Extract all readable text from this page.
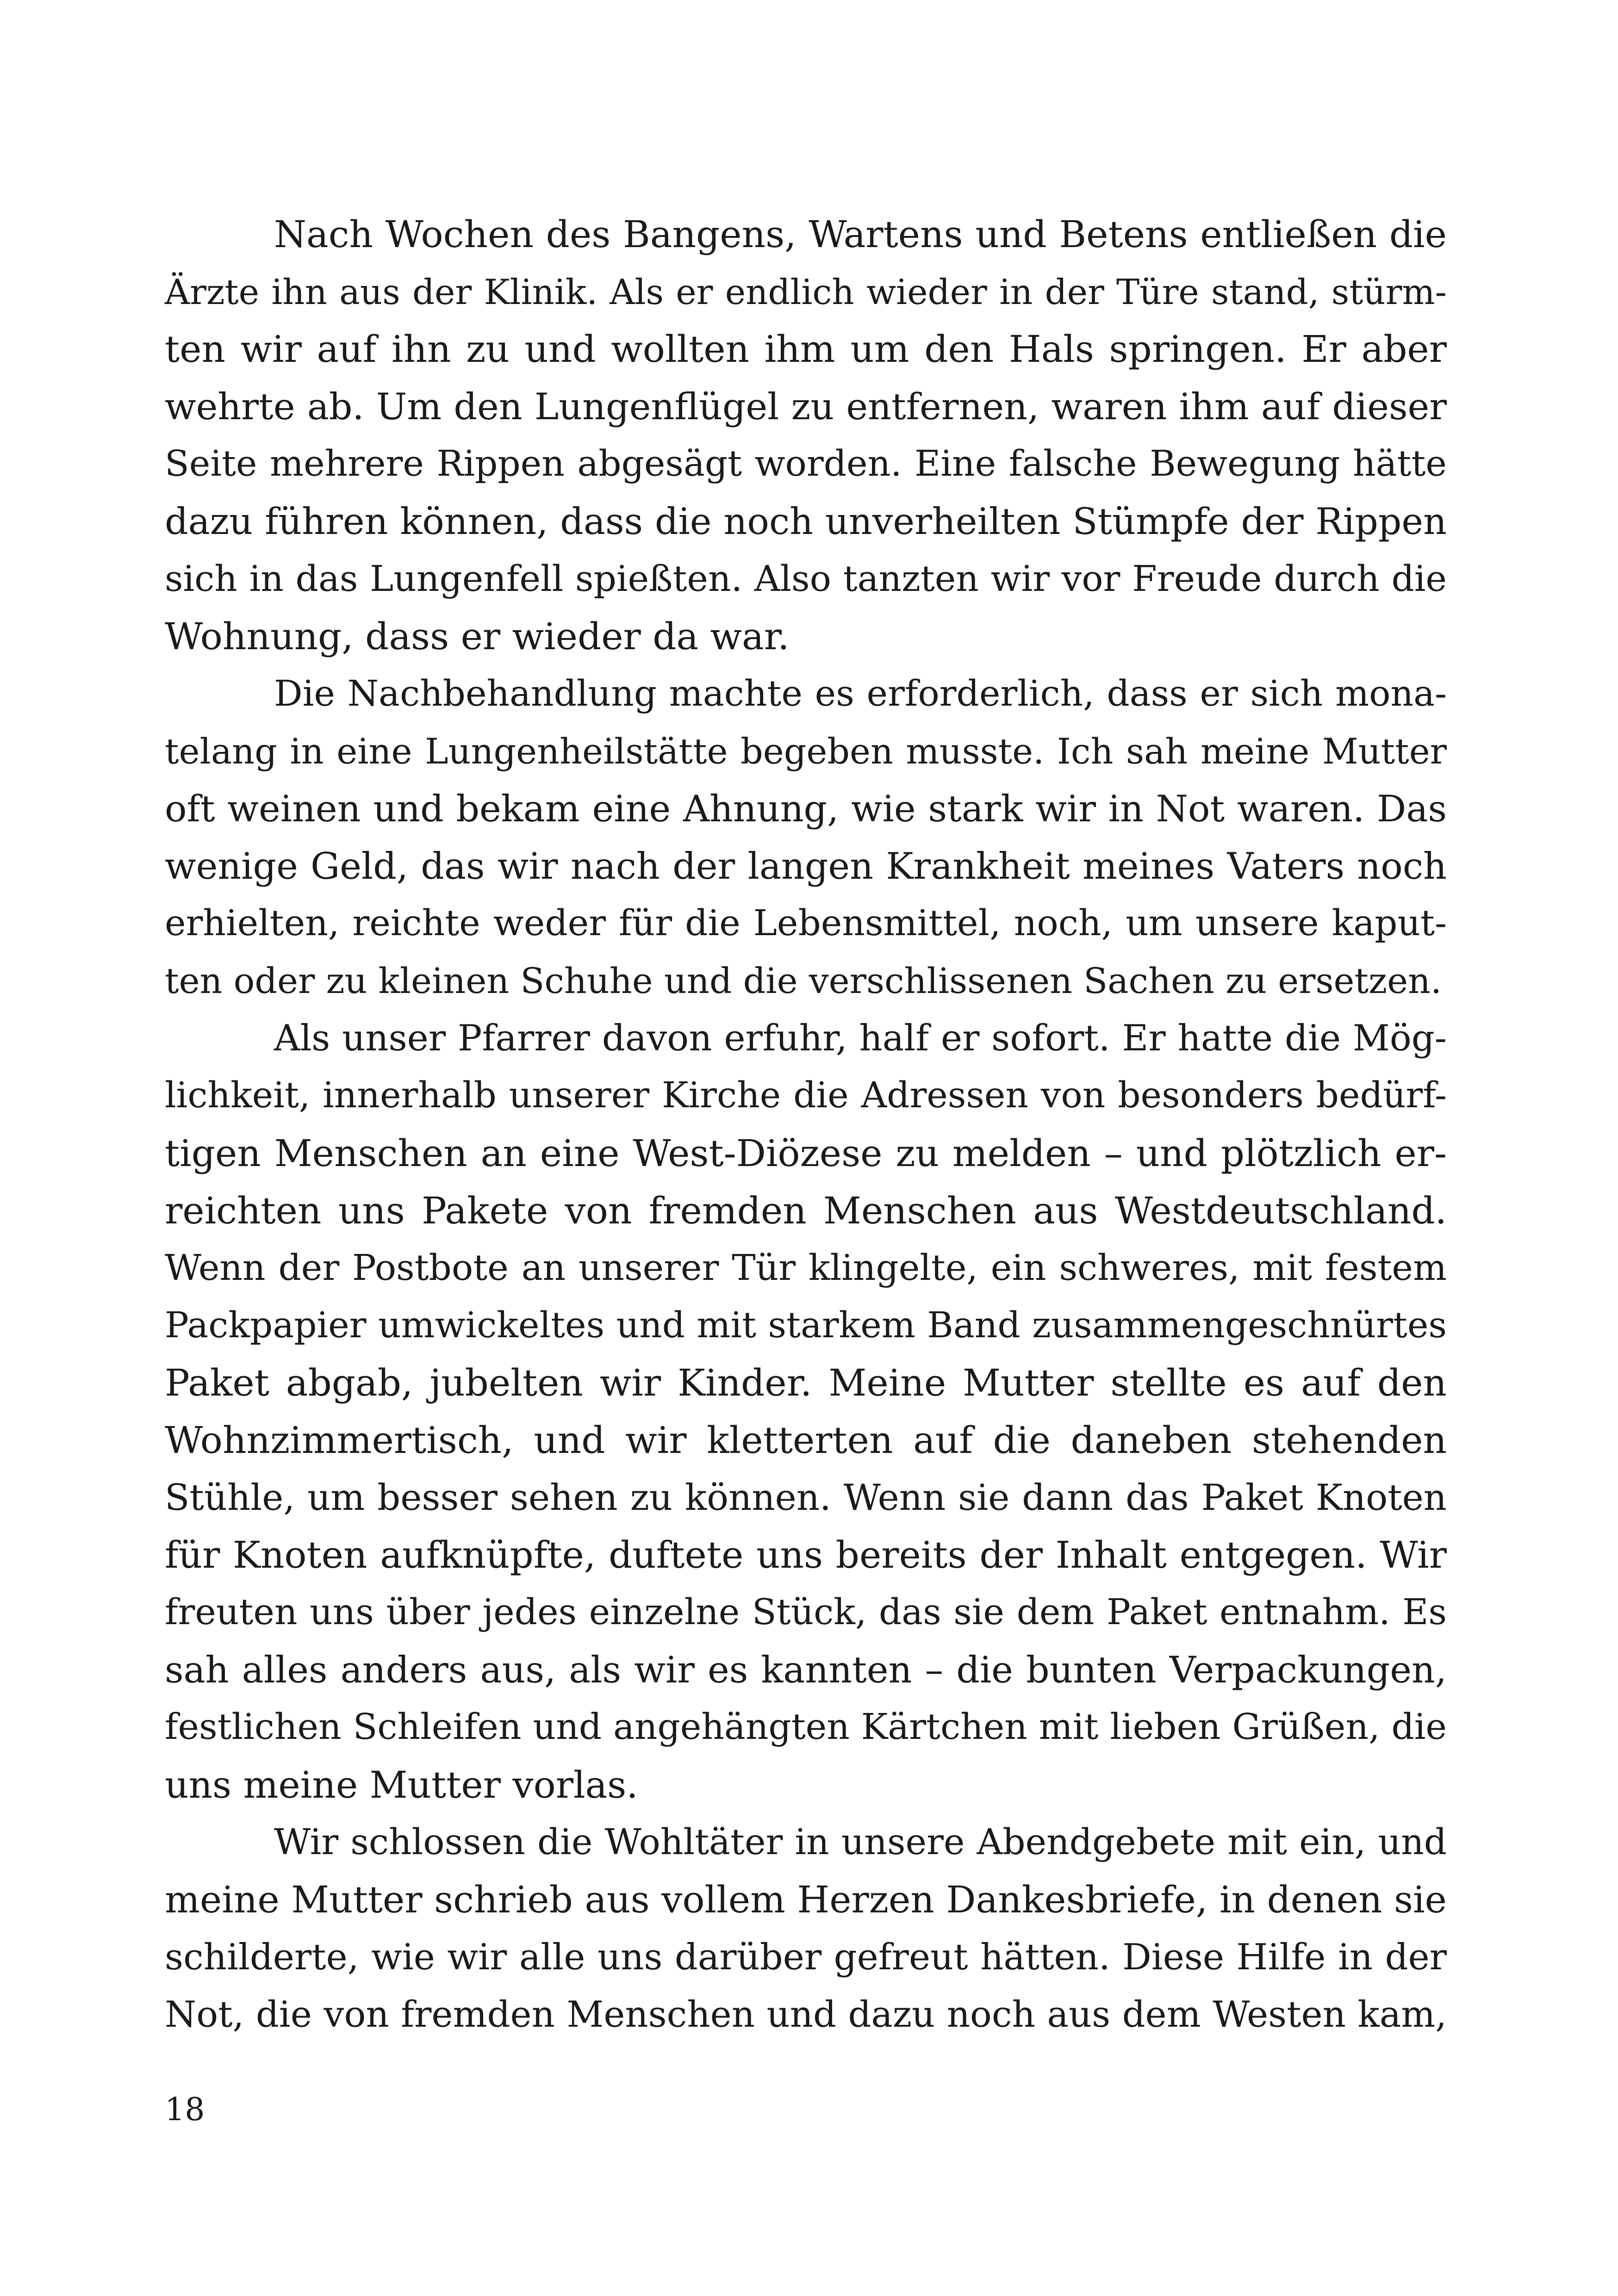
Nach Wochen des Bangens, Wartens und Betens entließen die
Ärzte ihn aus der Klinik. Als er endlich wieder in der Türe stand, stürm-
ten wir auf ihn zu und wollten ihm um den Hals springen. Er aber
wehrte ab. Um den Lungenflügel zu entfernen, waren ihm auf dieser
Seite mehrere Rippen abgesägt worden. Eine falsche Bewegung hätte
dazu führen können, dass die noch unverheilten Stümpfe der Rippen
sich in das Lungenfell spießten. Also tanzten wir vor Freude durch die
Wohnung, dass er wieder da war.
Die Nachbehandlung machte es erforderlich, dass er sich mona-
telang in eine Lungenheilstätte begeben musste. Ich sah meine Mutter
oft weinen und bekam eine Ahnung, wie stark wir in Not waren. Das
wenige Geld, das wir nach der langen Krankheit meines Vaters noch
erhielten, reichte weder für die Lebensmittel, noch, um unsere kaput-
ten oder zu kleinen Schuhe und die verschlissenen Sachen zu ersetzen.
Als unser Pfarrer davon erfuhr, half er sofort. Er hatte die Mög-
lichkeit, innerhalb unserer Kirche die Adressen von besonders bedürf-
tigen Menschen an eine West-Diözese zu melden – und plötzlich er-
reichten uns Pakete von fremden Menschen aus Westdeutschland.
Wenn der Postbote an unserer Tür klingelte, ein schweres, mit festem
Packpapier umwickeltes und mit starkem Band zusammengeschnürtes
Paket abgab, jubelten wir Kinder. Meine Mutter stellte es auf den
Wohnzimmertisch, und wir kletterten auf die daneben stehenden
Stühle, um besser sehen zu können. Wenn sie dann das Paket Knoten
für Knoten aufknüpfte, duftete uns bereits der Inhalt entgegen. Wir
freuten uns über jedes einzelne Stück, das sie dem Paket entnahm. Es
sah alles anders aus, als wir es kannten – die bunten Verpackungen,
festlichen Schleifen und angehängten Kärtchen mit lieben Grüßen, die
uns meine Mutter vorlas.
Wir schlossen die Wohltäter in unsere Abendgebete mit ein, und
meine Mutter schrieb aus vollem Herzen Dankesbriefe, in denen sie
schilderte, wie wir alle uns darüber gefreut hätten. Diese Hilfe in der
Not, die von fremden Menschen und dazu noch aus dem Westen kam,
18
